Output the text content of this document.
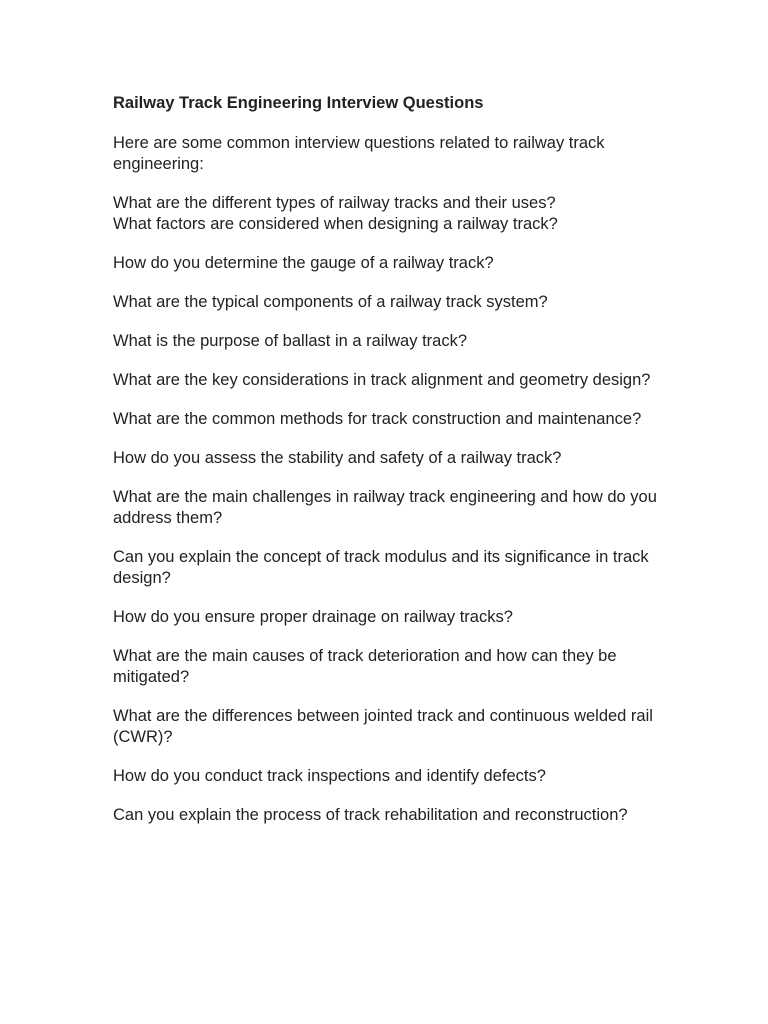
Railway Track Engineering Interview Questions

Here are some common interview questions related to railway track engineering:

What are the different types of railway tracks and their uses?

What factors are considered when designing a railway track?

How do you determine the gauge of a railway track?

What are the typical components of a railway track system?

What is the purpose of ballast in a railway track?

What are the key considerations in track alignment and geometry design?

What are the common methods for track construction and maintenance?

How do you assess the stability and safety of a railway track?

What are the main challenges in railway track engineering and how do you address them?

Can you explain the concept of track modulus and its significance in track design?

How do you ensure proper drainage on railway tracks?

What are the main causes of track deterioration and how can they be mitigated?

What are the differences between jointed track and continuous welded rail (CWR)?

How do you conduct track inspections and identify defects?

Can you explain the process of track rehabilitation and reconstruction?
